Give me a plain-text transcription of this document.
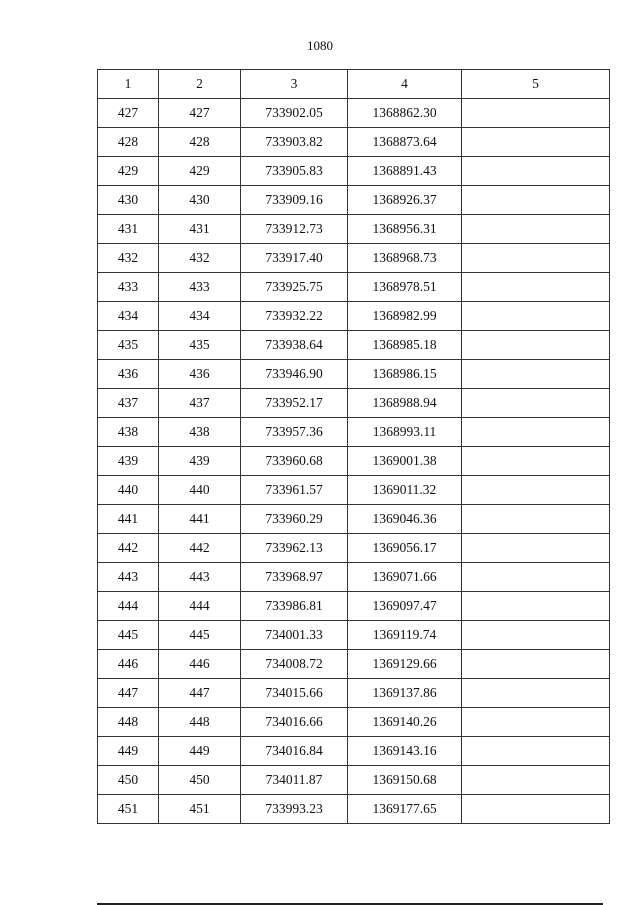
1080
1	2	3	4	5
427	427	733902.05	1368862.30	
428	428	733903.82	1368873.64	
429	429	733905.83	1368891.43	
430	430	733909.16	1368926.37	
431	431	733912.73	1368956.31	
432	432	733917.40	1368968.73	
433	433	733925.75	1368978.51	
434	434	733932.22	1368982.99	
435	435	733938.64	1368985.18	
436	436	733946.90	1368986.15	
437	437	733952.17	1368988.94	
438	438	733957.36	1368993.11	
439	439	733960.68	1369001.38	
440	440	733961.57	1369011.32	
441	441	733960.29	1369046.36	
442	442	733962.13	1369056.17	
443	443	733968.97	1369071.66	
444	444	733986.81	1369097.47	
445	445	734001.33	1369119.74	
446	446	734008.72	1369129.66	
447	447	734015.66	1369137.86	
448	448	734016.66	1369140.26	
449	449	734016.84	1369143.16	
450	450	734011.87	1369150.68	
451	451	733993.23	1369177.65	
